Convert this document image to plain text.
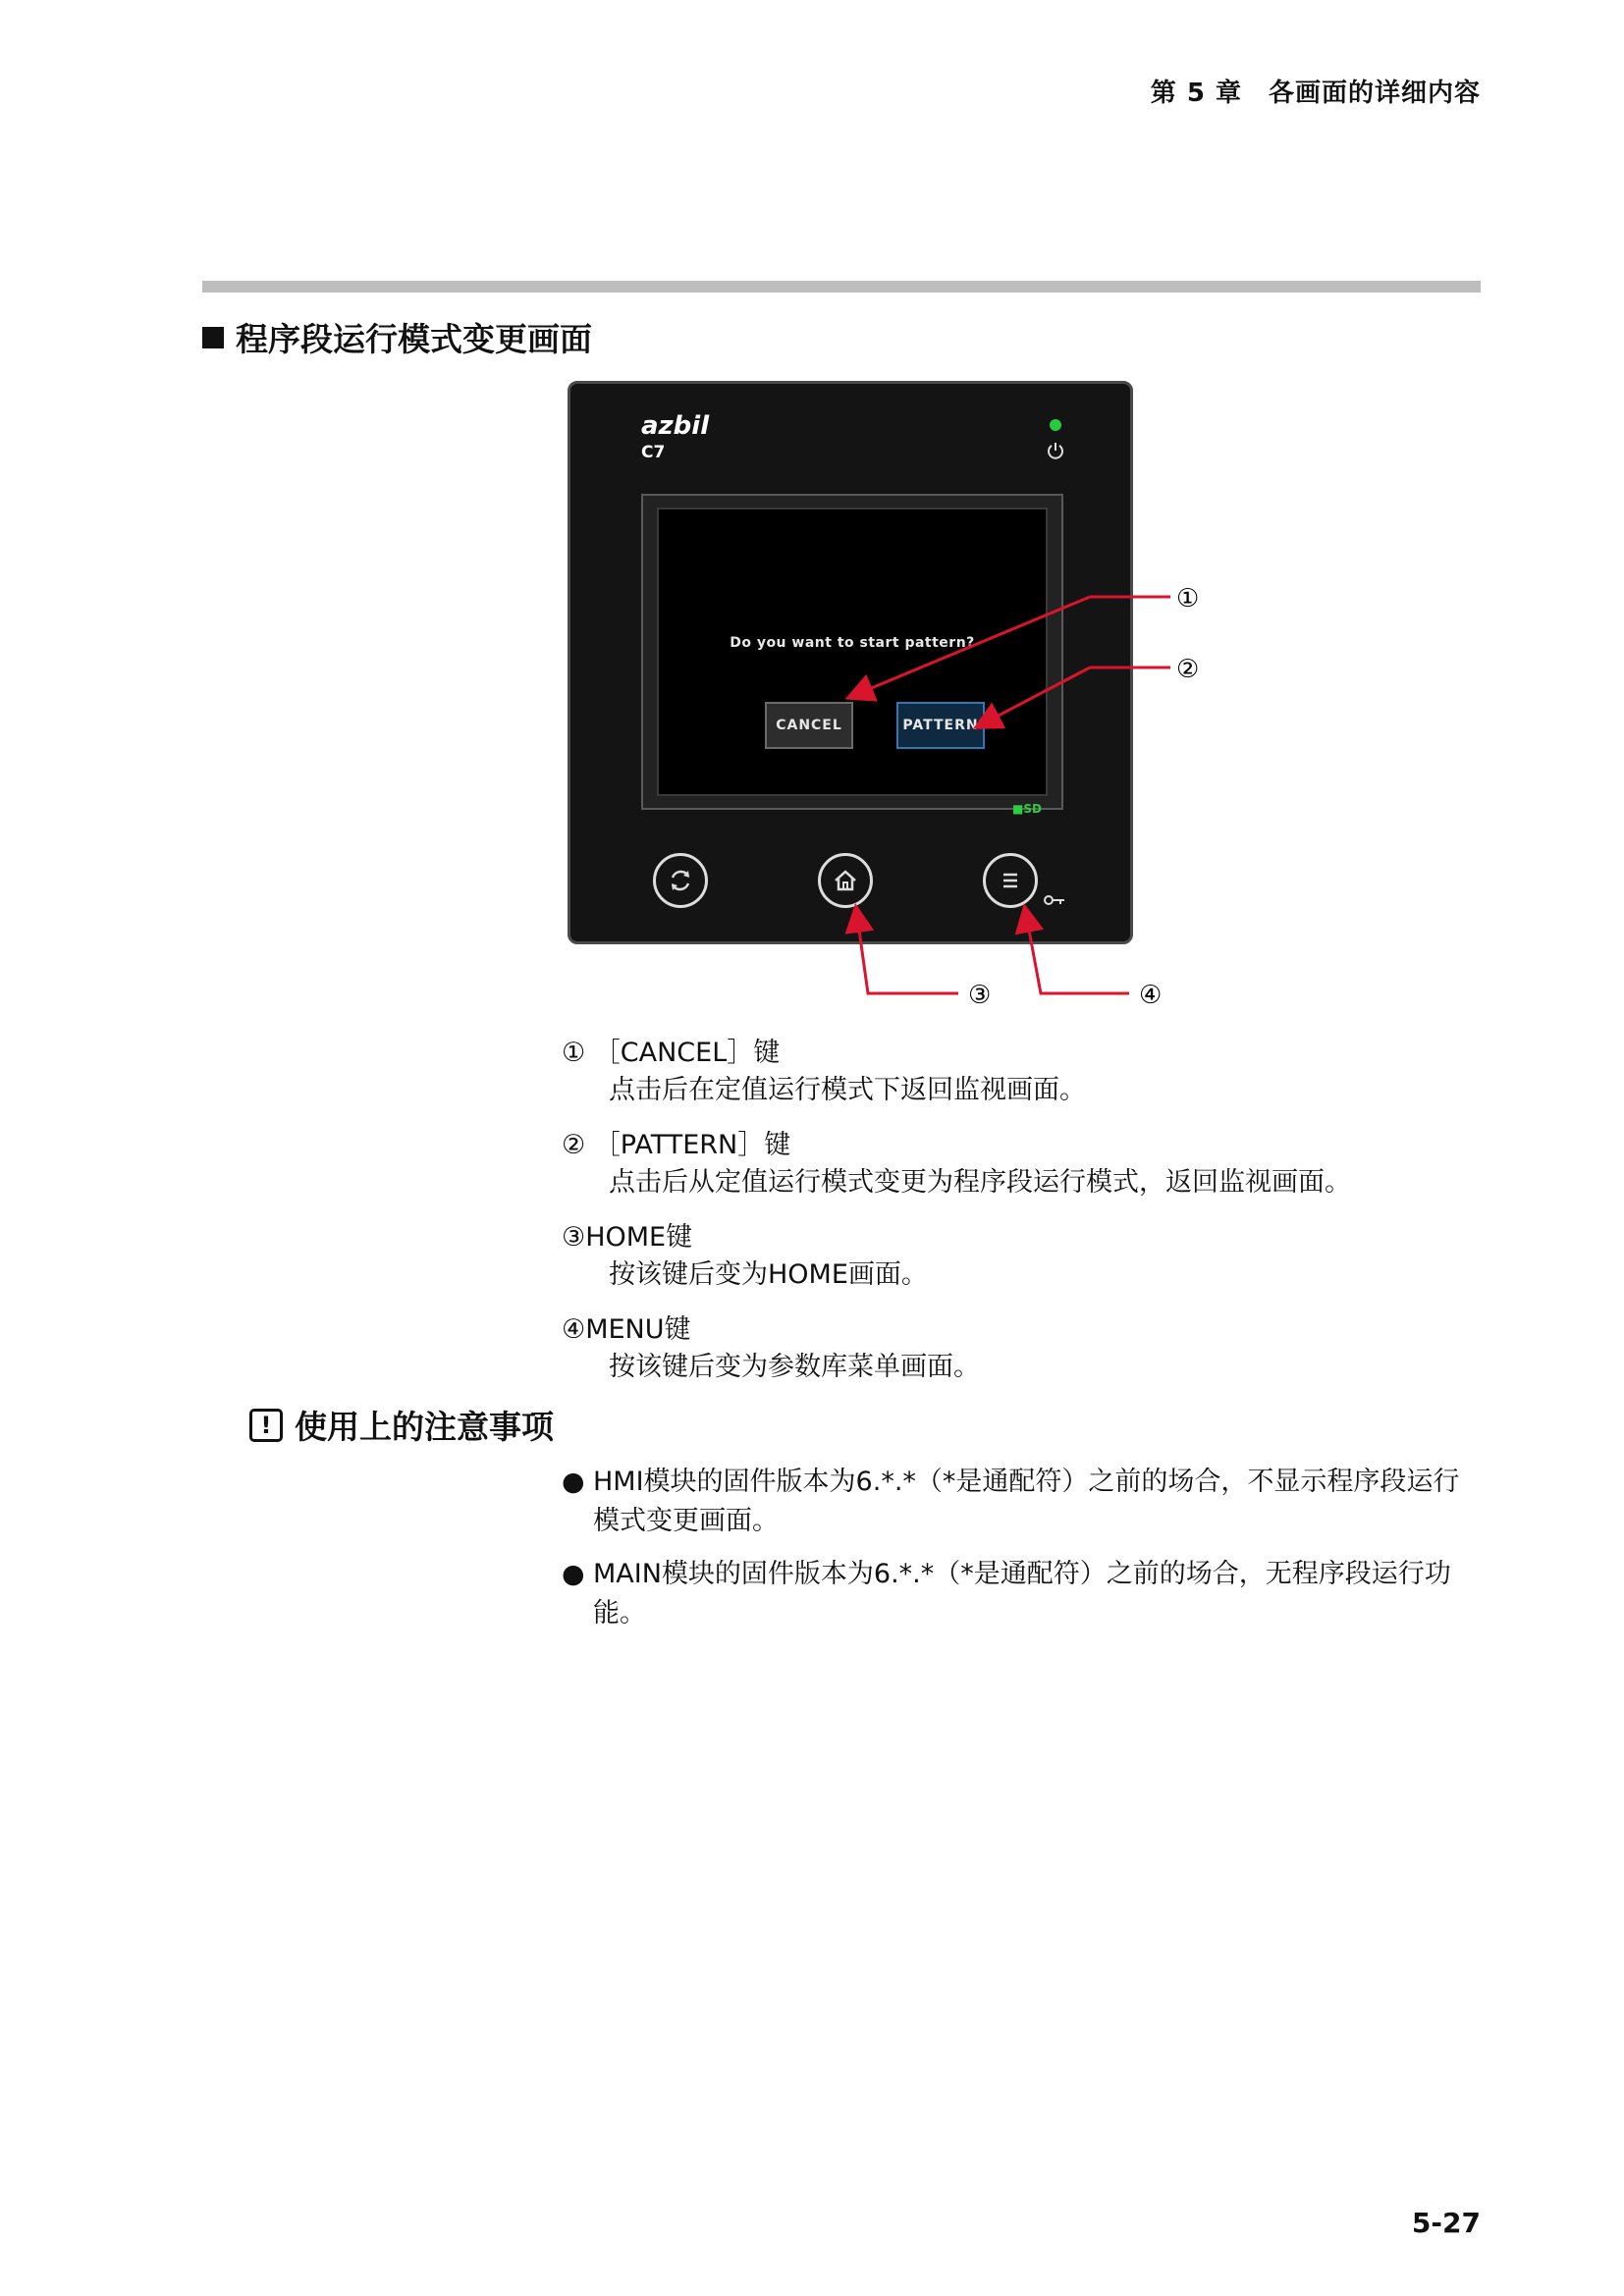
第 5 章　各画面的详细内容
程序段运行模式变更画面
azbil
C7
Do you want to start pattern?
CANCEL	PATTERN
■SD
①
②
③	④
① ［CANCEL］键
点击后在定值运行模式下返回监视画面。
② ［PATTERN］键
点击后从定值运行模式变更为程序段运行模式，返回监视画面。
③HOME键
按该键后变为HOME画面。
④MENU键
按该键后变为参数库菜单画面。
! 使用上的注意事项
● HMI模块的固件版本为6.*.*（*是通配符）之前的场合，不显示程序段运行模式变更画面。
● MAIN模块的固件版本为6.*.*（*是通配符）之前的场合，无程序段运行功能。
5-27
